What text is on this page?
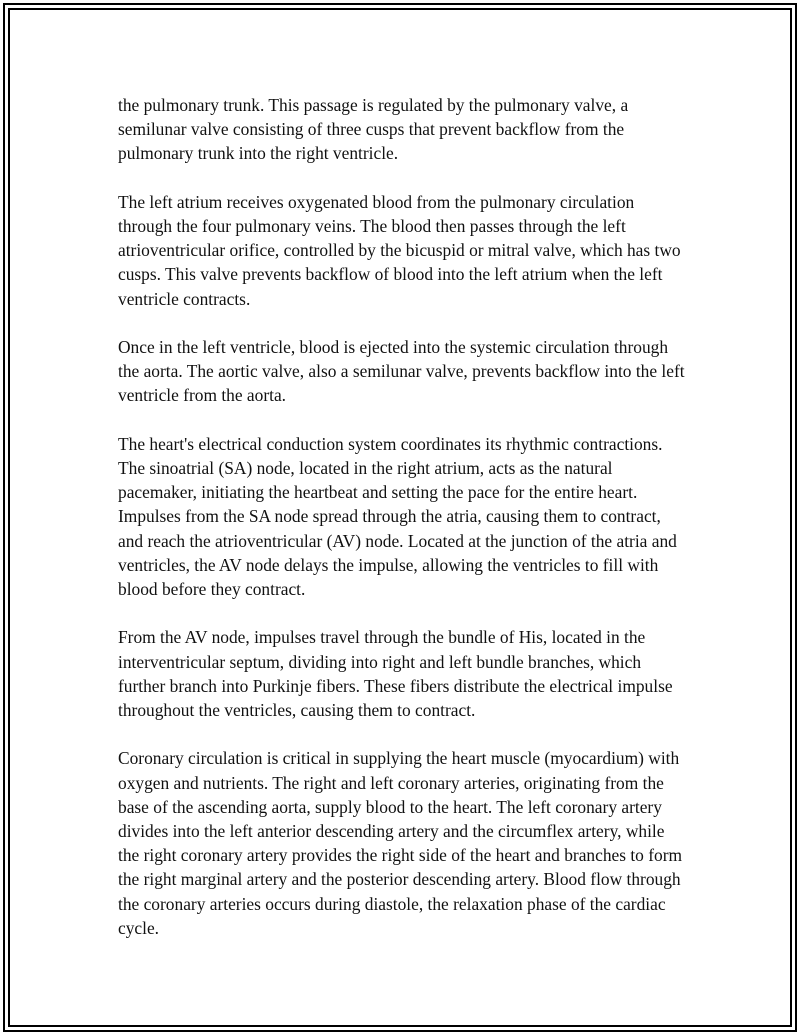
the pulmonary trunk. This passage is regulated by the pulmonary valve, a semilunar valve consisting of three cusps that prevent backflow from the pulmonary trunk into the right ventricle.

The left atrium receives oxygenated blood from the pulmonary circulation through the four pulmonary veins. The blood then passes through the left atrioventricular orifice, controlled by the bicuspid or mitral valve, which has two cusps. This valve prevents backflow of blood into the left atrium when the left ventricle contracts.

Once in the left ventricle, blood is ejected into the systemic circulation through the aorta. The aortic valve, also a semilunar valve, prevents backflow into the left ventricle from the aorta.

The heart's electrical conduction system coordinates its rhythmic contractions. The sinoatrial (SA) node, located in the right atrium, acts as the natural pacemaker, initiating the heartbeat and setting the pace for the entire heart. Impulses from the SA node spread through the atria, causing them to contract, and reach the atrioventricular (AV) node. Located at the junction of the atria and ventricles, the AV node delays the impulse, allowing the ventricles to fill with blood before they contract.

From the AV node, impulses travel through the bundle of His, located in the interventricular septum, dividing into right and left bundle branches, which further branch into Purkinje fibers. These fibers distribute the electrical impulse throughout the ventricles, causing them to contract.

Coronary circulation is critical in supplying the heart muscle (myocardium) with oxygen and nutrients. The right and left coronary arteries, originating from the base of the ascending aorta, supply blood to the heart. The left coronary artery divides into the left anterior descending artery and the circumflex artery, while the right coronary artery provides the right side of the heart and branches to form the right marginal artery and the posterior descending artery. Blood flow through the coronary arteries occurs during diastole, the relaxation phase of the cardiac cycle.
